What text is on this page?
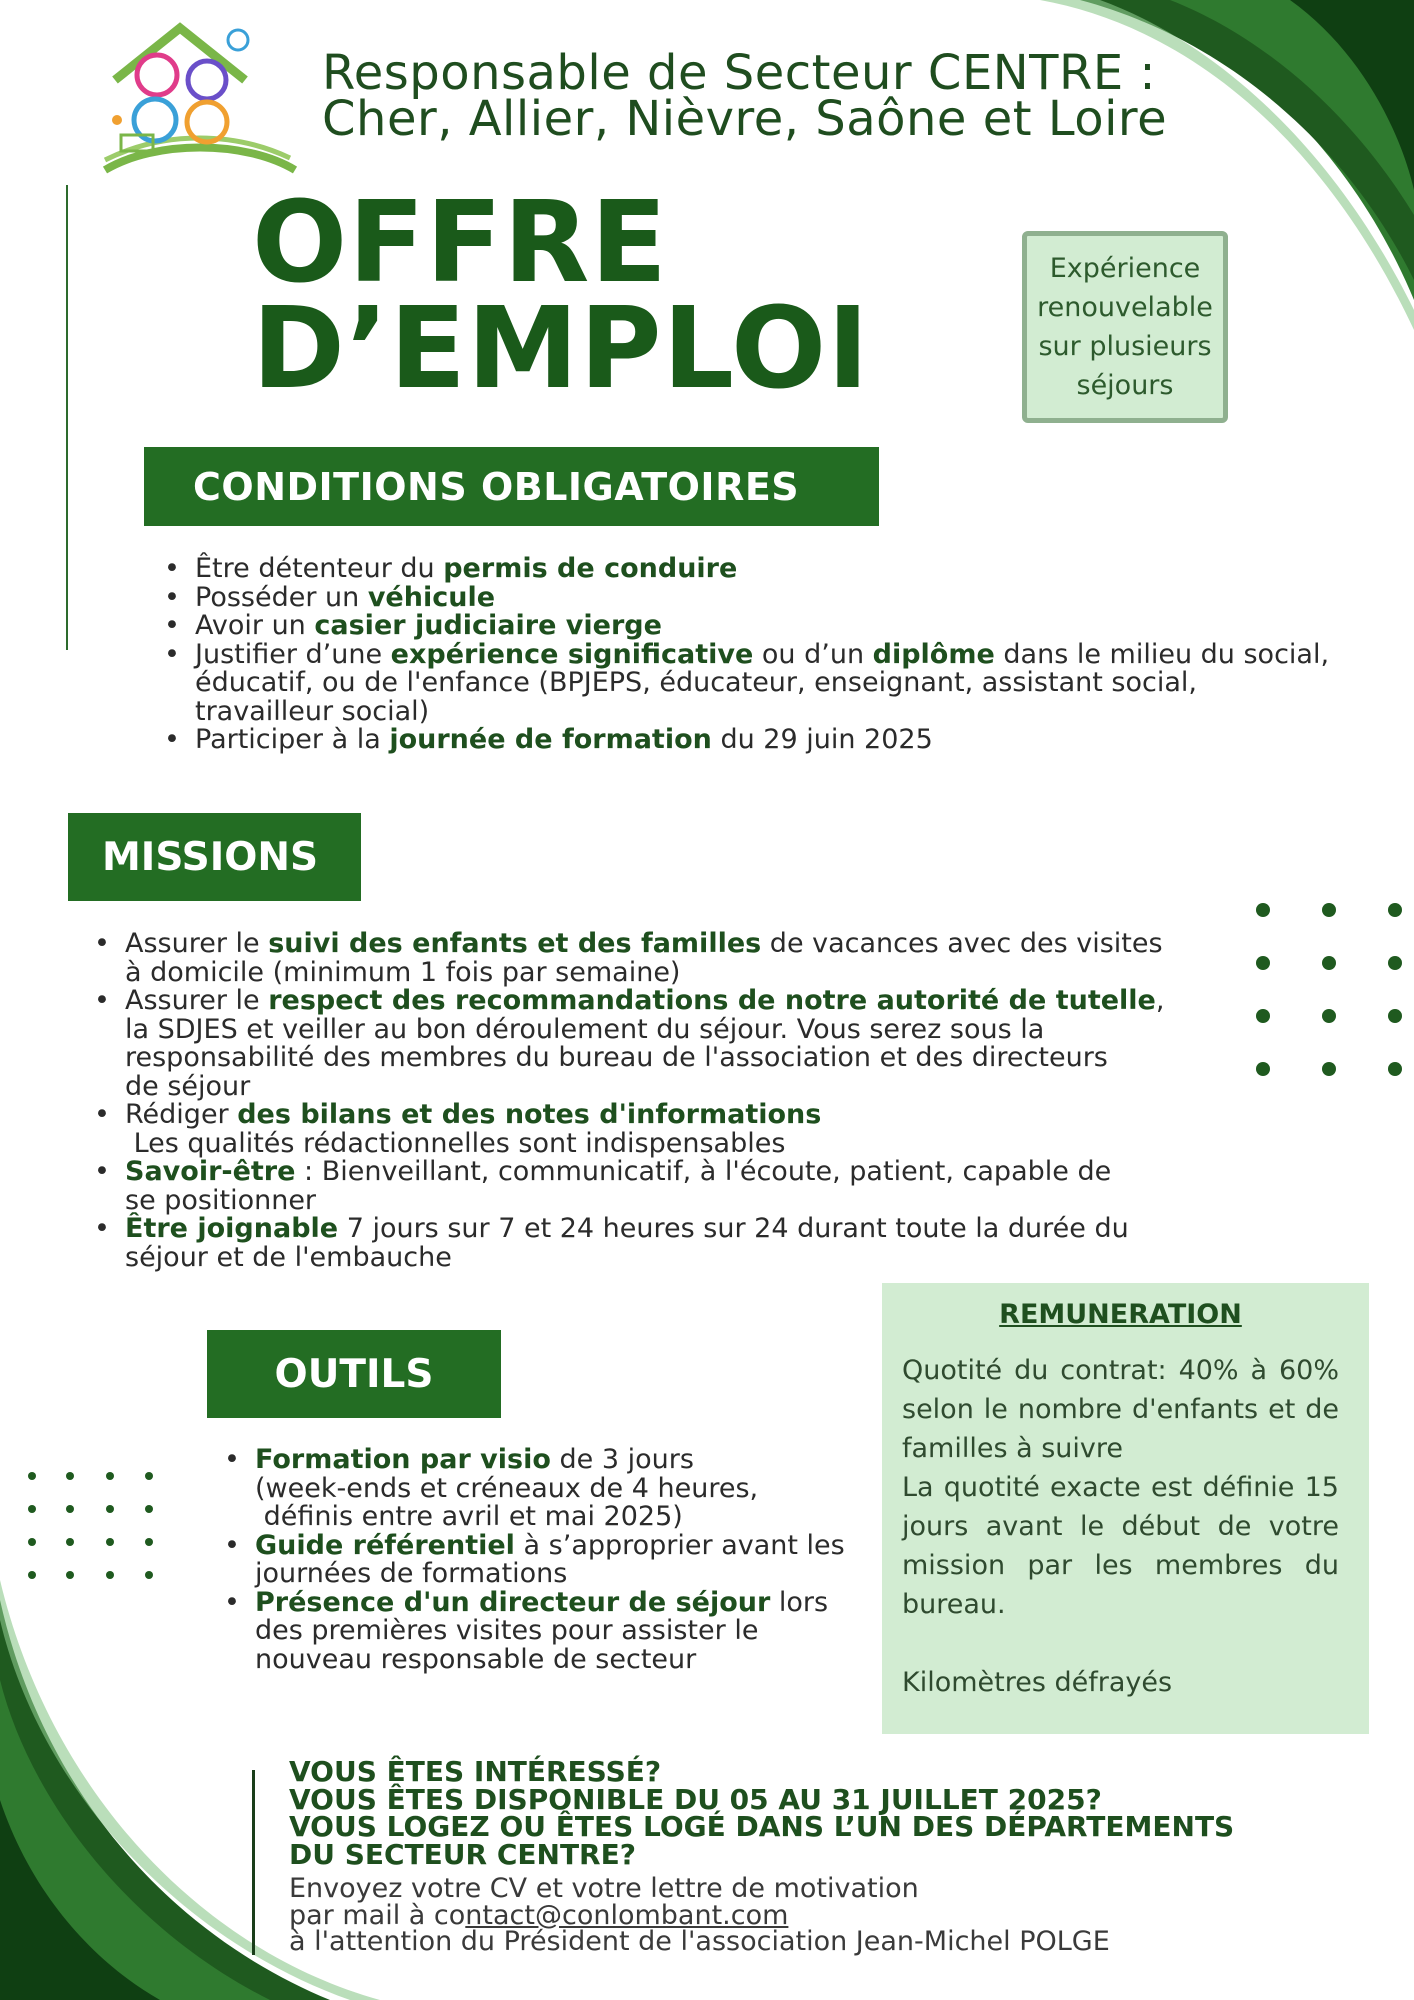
Responsable de Secteur CENTRE :
Cher, Allier, Nièvre, Saône et Loire
OFFRE
D’EMPLOI
Expérience renouvelable sur plusieurs séjours
CONDITIONS OBLIGATOIRES
• Être détenteur du permis de conduire
• Posséder un véhicule
• Avoir un casier judiciaire vierge
• Justifier d’une expérience significative ou d’un diplôme dans le milieu du social,
éducatif, ou de l'enfance (BPJEPS, éducateur, enseignant, assistant social,
travailleur social)
• Participer à la journée de formation du 29 juin 2025
MISSIONS
• Assurer le suivi des enfants et des familles de vacances avec des visites
à domicile (minimum 1 fois par semaine)
• Assurer le respect des recommandations de notre autorité de tutelle,
la SDJES et veiller au bon déroulement du séjour. Vous serez sous la
responsabilité des membres du bureau de l'association et des directeurs
de séjour
• Rédiger des bilans et des notes d'informations
Les qualités rédactionnelles sont indispensables
• Savoir-être : Bienveillant, communicatif, à l'écoute, patient, capable de
se positionner
• Être joignable 7 jours sur 7 et 24 heures sur 24 durant toute la durée du
séjour et de l'embauche
OUTILS
• Formation par visio de 3 jours
(week-ends et créneaux de 4 heures,
définis entre avril et mai 2025)
• Guide référentiel à s’approprier avant les
journées de formations
• Présence d'un directeur de séjour lors
des premières visites pour assister le
nouveau responsable de secteur
REMUNERATION

Quotité du contrat: 40% à 60% selon le nombre d'enfants et de familles à suivre

La quotité exacte est définie 15 jours avant le début de votre mission par les membres du bureau.

Kilomètres défrayés

VOUS ÊTES INTÉRESSÉ?
VOUS ÊTES DISPONIBLE DU 05 AU 31 JUILLET 2025?
VOUS LOGEZ OU ÊTES LOGÉ DANS L’UN DES DÉPARTEMENTS
DU SECTEUR CENTRE?
Envoyez votre CV et votre lettre de motivation
par mail à contact@conlombant.com
à l'attention du Président de l'association Jean-Michel POLGE
